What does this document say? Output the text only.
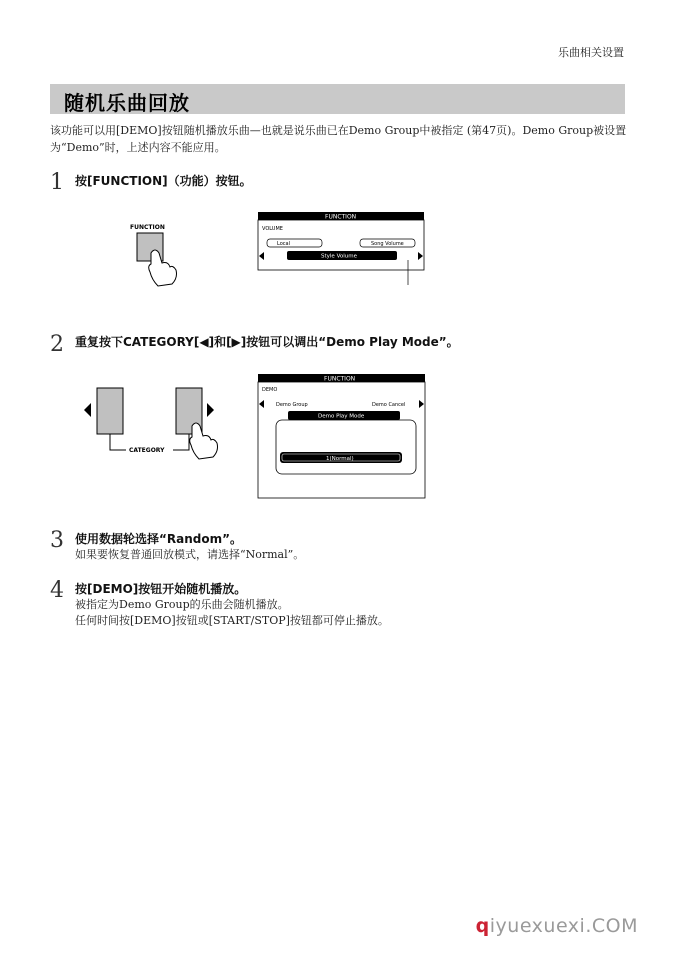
乐曲相关设置
随机乐曲回放
该功能可以用[DEMO]按钮随机播放乐曲—也就是说乐曲已在Demo Group中被指定 (第47页)。Demo Group被设置为“Demo”时，上述内容不能应用。
1 按[FUNCTION]（功能）按钮。
FUNCTION
FUNCTION
VOLUME
Local	Song Volume
Style Volume
2 重复按下CATEGORY[◀]和[▶]按钮可以调出“Demo Play Mode”。
CATEGORY
FUNCTION
DEMO
Demo Group	Demo Cancel
Demo Play Mode
1(Normal)
3 使用数据轮选择“Random”。
如果要恢复普通回放模式，请选择“Normal”。
4 按[DEMO]按钮开始随机播放。
被指定为Demo Group的乐曲会随机播放。
任何时间按[DEMO]按钮或[START/STOP]按钮都可停止播放。
qiyuexuexi.COM
